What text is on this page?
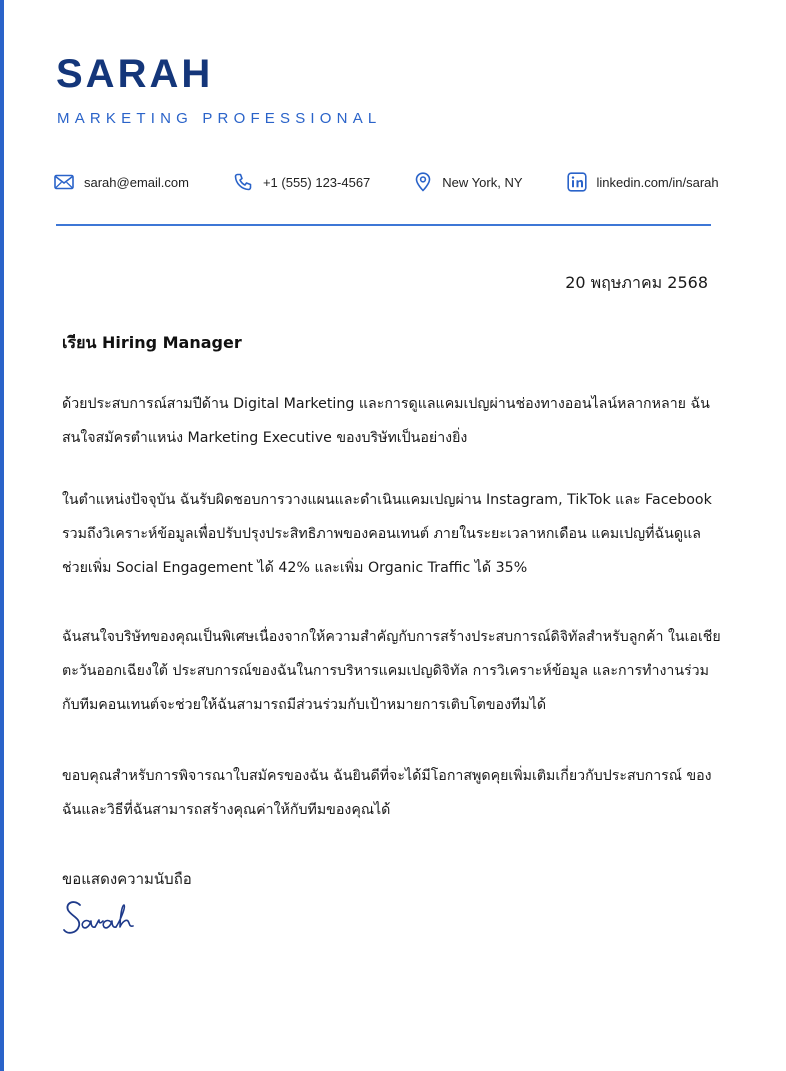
SARAH
MARKETING PROFESSIONAL
sarah@email.com	+1 (555) 123-4567	New York, NY	linkedin.com/in/sarah
20 พฤษภาคม 2568
เรียน Hiring Manager

ด้วยประสบการณ์สามปีด้าน Digital Marketing และการดูแลแคมเปญผ่านช่องทางออนไลน์หลากหลาย ฉันสนใจสมัครตำแหน่ง Marketing Executive ของบริษัทเป็นอย่างยิ่ง

ในตำแหน่งปัจจุบัน ฉันรับผิดชอบการวางแผนและดำเนินแคมเปญผ่าน Instagram, TikTok และ Facebook รวมถึงวิเคราะห์ข้อมูลเพื่อปรับปรุงประสิทธิภาพของคอนเทนต์ ภายในระยะเวลาหกเดือน แคมเปญที่ฉันดูแลช่วยเพิ่ม Social Engagement ได้ 42% และเพิ่ม Organic Traffic ได้ 35%

ฉันสนใจบริษัทของคุณเป็นพิเศษเนื่องจากให้ความสำคัญกับการสร้างประสบการณ์ดิจิทัลสำหรับลูกค้า ในเอเชียตะวันออกเฉียงใต้ ประสบการณ์ของฉันในการบริหารแคมเปญดิจิทัล การวิเคราะห์ข้อมูล และการทำงานร่วมกับทีมคอนเทนต์จะช่วยให้ฉันสามารถมีส่วนร่วมกับเป้าหมายการเติบโตของทีมได้

ขอบคุณสำหรับการพิจารณาใบสมัครของฉัน ฉันยินดีที่จะได้มีโอกาสพูดคุยเพิ่มเติมเกี่ยวกับประสบการณ์ ของฉันและวิธีที่ฉันสามารถสร้างคุณค่าให้กับทีมของคุณได้

ขอแสดงความนับถือ
